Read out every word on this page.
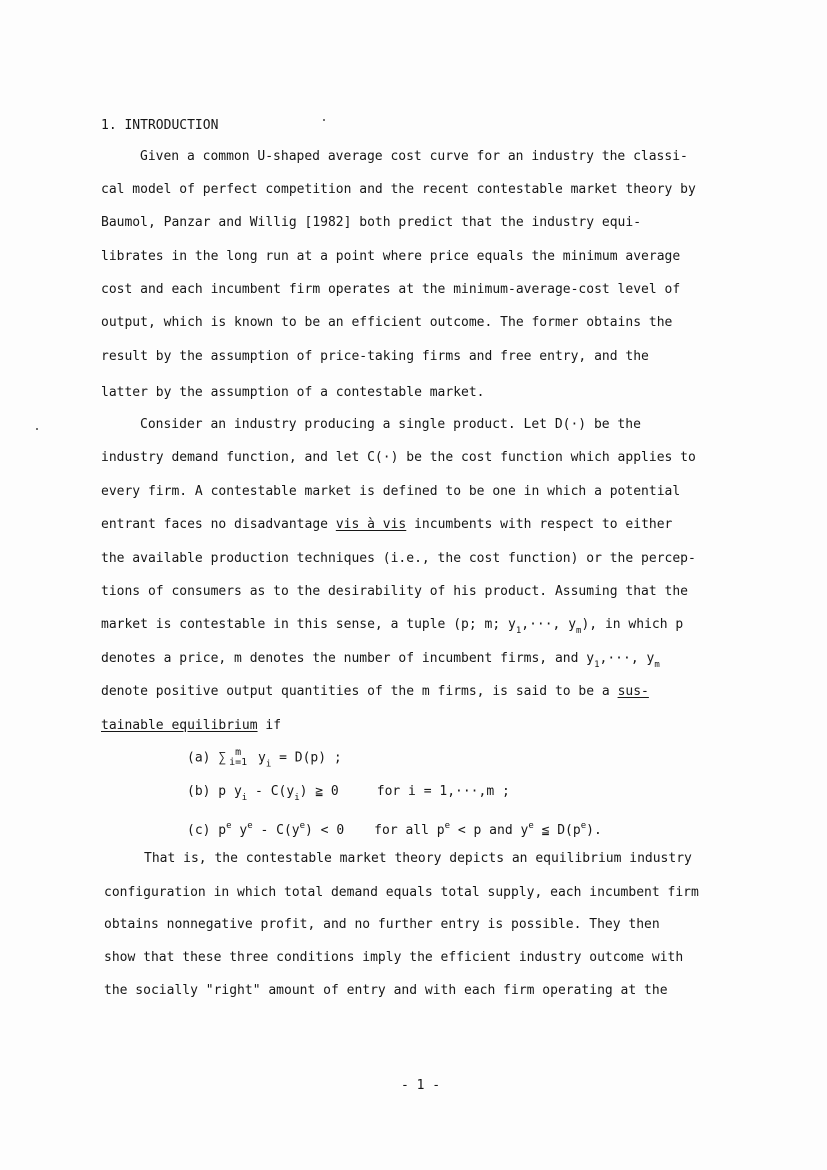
1. INTRODUCTION
Given a common U-shaped average cost curve for an industry the classi-
cal model of perfect competition and the recent contestable market theory by
Baumol, Panzar and Willig [1982] both predict that the industry equi-
librates in the long run at a point where price equals the minimum average
cost and each incumbent firm operates at the minimum-average-cost level of
output, which is known to be an efficient outcome. The former obtains the
result by the assumption of price-taking firms and free entry, and the
latter by the assumption of a contestable market.
Consider an industry producing a single product. Let D(·) be the
industry demand function, and let C(·) be the cost function which applies to
every firm. A contestable market is defined to be one in which a potential
entrant faces no disadvantage vis à vis incumbents with respect to either
the available production techniques (i.e., the cost function) or the percep-
tions of consumers as to the desirability of his product. Assuming that the
market is contestable in this sense, a tuple (p; m; $y_1,\cdot\cdot\cdot$, $y_m$), in which p
denotes a price, m denotes the number of incumbent firms, and $y_1,\cdot\cdot\cdot$, $y_m$
denote positive output quantities of the m firms, is said to be a sus-
tainable equilibrium if
(a) ∑ m
i=1 $y_i = D(p)$ ;
(b) p $y_i - C(y_i)$ ≧ 0	for i = 1,···,m ;
(c) $p^e$ $y^e - C(y^e) < 0$ for all $p^e < p$ and $y^e$ ≦ $D(p^e)$.
That is, the contestable market theory depicts an equilibrium industry
configuration in which total demand equals total supply, each incumbent firm
obtains nonnegative profit, and no further entry is possible. They then
show that these three conditions imply the efficient industry outcome with
the socially "right" amount of entry and with each firm operating at the
- 1 -
